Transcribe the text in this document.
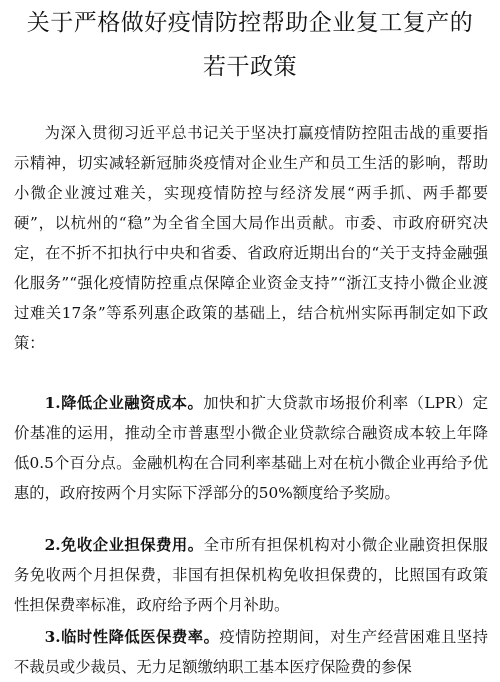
关于严格做好疫情防控帮助企业复工复产的
若干政策

为深入贯彻习近平总书记关于坚决打赢疫情防控阻击战的重要指示精神，切实减轻新冠肺炎疫情对企业生产和员工生活的影响，帮助小微企业渡过难关，实现疫情防控与经济发展“两手抓、两手都要硬”，以杭州的“稳”为全省全国大局作出贡献。市委、市政府研究决定，在不折不扣执行中央和省委、省政府近期出台的“关于支持金融强化服务”“强化疫情防控重点保障企业资金支持”“浙江支持小微企业渡过难关17条”等系列惠企政策的基础上，结合杭州实际再制定如下政策：

1.降低企业融资成本。加快和扩大贷款市场报价利率（LPR）定价基准的运用，推动全市普惠型小微企业贷款综合融资成本较上年降低0.5个百分点。金融机构在合同利率基础上对在杭小微企业再给予优惠的，政府按两个月实际下浮部分的50%额度给予奖励。

2.免收企业担保费用。全市所有担保机构对小微企业融资担保服务免收两个月担保费，非国有担保机构免收担保费的，比照国有政策性担保费率标准，政府给予两个月补助。

3.临时性降低医保费率。疫情防控期间，对生产经营困难且坚持不裁员或少裁员、无力足额缴纳职工基本医疗保险费的参保
